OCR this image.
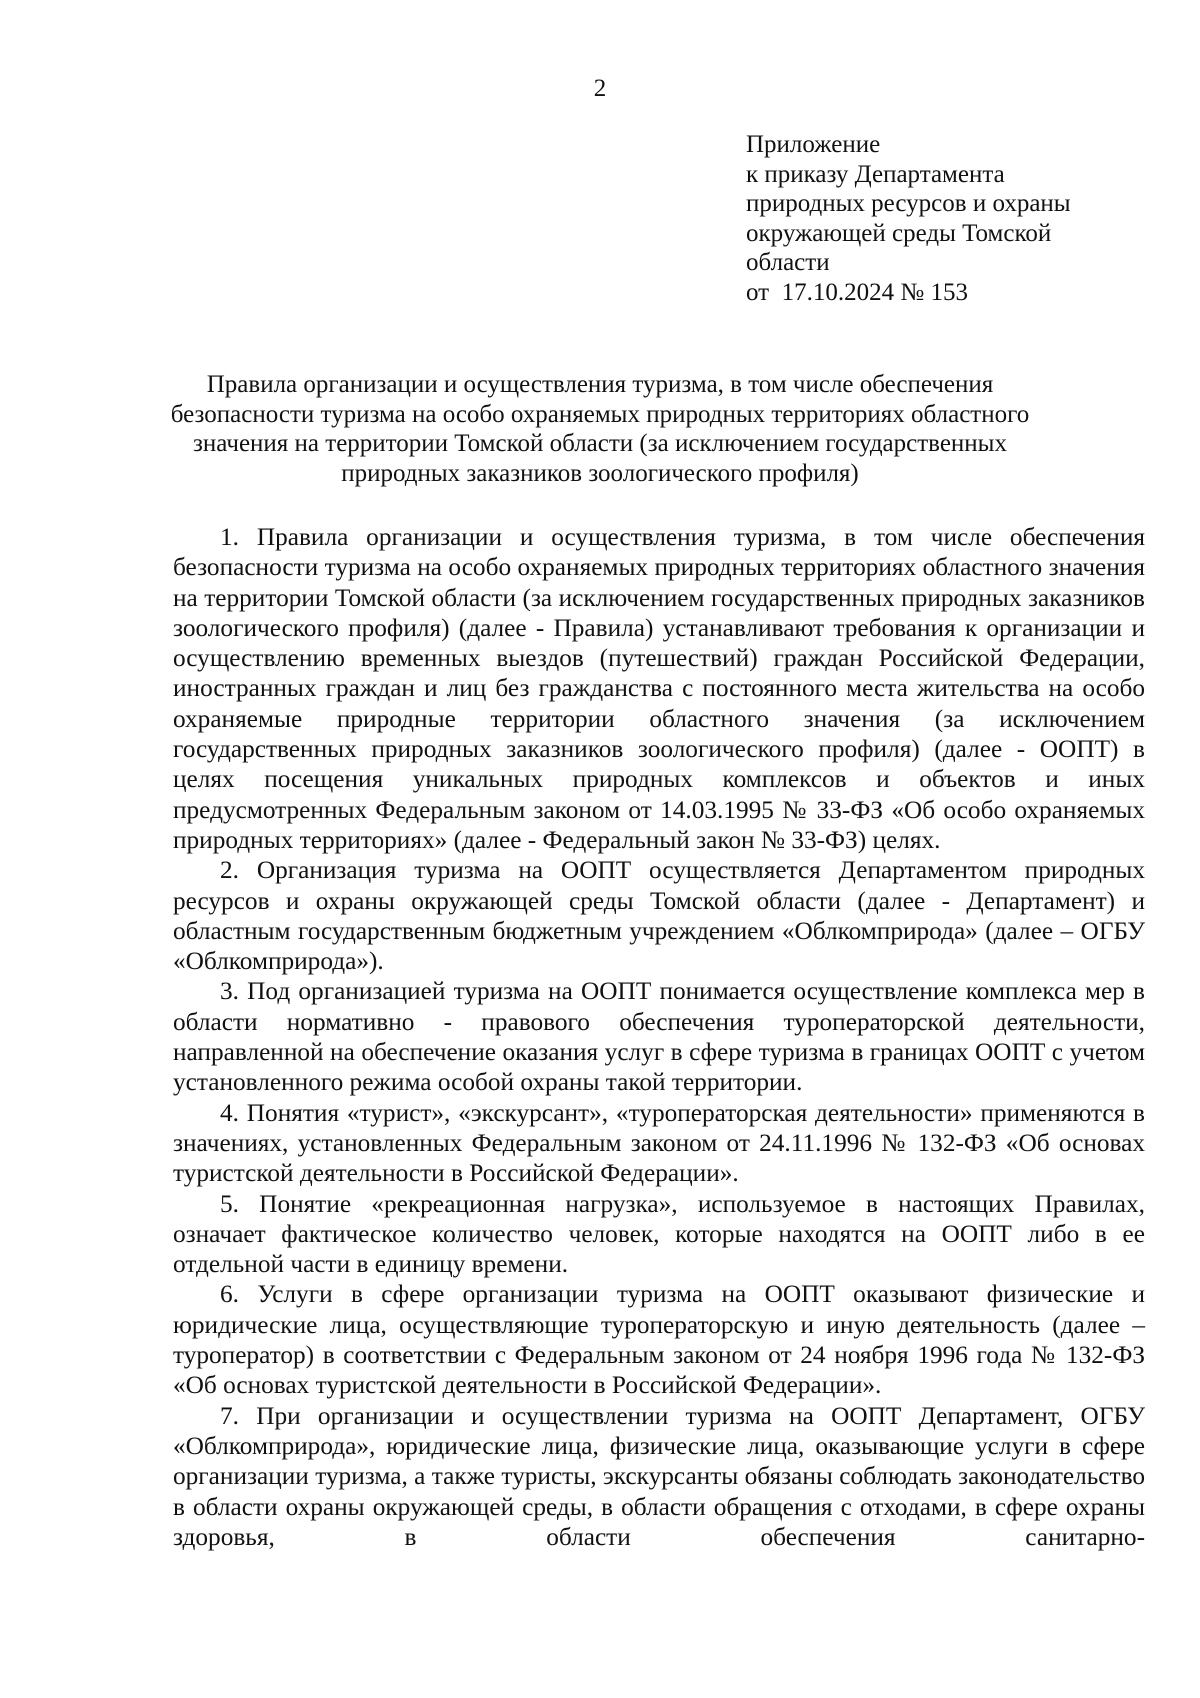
2
Приложение
к приказу Департамента
природных ресурсов и охраны
окружающей среды Томской
области
от  17.10.2024 № 153
Правила организации и осуществления туризма, в том числе обеспечения
безопасности туризма на особо охраняемых природных территориях областного
значения на территории Томской области (за исключением государственных
природных заказников зоологического профиля)

1. Правила организации и осуществления туризма, в том числе обеспечения безопасности туризма на особо охраняемых природных территориях областного значения на территории Томской области (за исключением государственных природных заказников зоологического профиля) (далее - Правила) устанавливают требования к организации и осуществлению временных выездов (путешествий) граждан Российской Федерации, иностранных граждан и лиц без гражданства с постоянного места жительства на особо охраняемые природные территории областного значения (за исключением государственных природных заказников зоологического профиля) (далее - ООПТ) в целях посещения уникальных природных комплексов и объектов и иных предусмотренных Федеральным законом от 14.03.1995 № 33-ФЗ «Об особо охраняемых природных территориях» (далее - Федеральный закон № 33-ФЗ) целях.

2. Организация туризма на ООПТ осуществляется Департаментом природных ресурсов и охраны окружающей среды Томской области (далее - Департамент) и областным государственным бюджетным учреждением «Облкомприрода» (далее – ОГБУ «Облкомприрода»).

3. Под организацией туризма на ООПТ понимается осуществление комплекса мер в области нормативно - правового обеспечения туроператорской деятельности, направленной на обеспечение оказания услуг в сфере туризма в границах ООПТ с учетом установленного режима особой охраны такой территории.

4. Понятия «турист», «экскурсант», «туроператорская деятельности» применяются в значениях, установленных Федеральным законом от 24.11.1996 № 132-ФЗ «Об основах туристской деятельности в Российской Федерации».

5. Понятие «рекреационная нагрузка», используемое в настоящих Правилах, означает фактическое количество человек, которые находятся на ООПТ либо в ее отдельной части в единицу времени.

6. Услуги в сфере организации туризма на ООПТ оказывают физические и юридические лица, осуществляющие туроператорскую и иную деятельность (далее – туроператор) в соответствии с Федеральным законом от 24 ноября 1996 года № 132-ФЗ «Об основах туристской деятельности в Российской Федерации».

7. При организации и осуществлении туризма на ООПТ Департамент, ОГБУ «Облкомприрода», юридические лица, физические лица, оказывающие услуги в сфере организации туризма, а также туристы, экскурсанты обязаны соблюдать законодательство в области охраны окружающей среды, в области обращения с отходами, в сфере охраны здоровья, в области обеспечения санитарно-
